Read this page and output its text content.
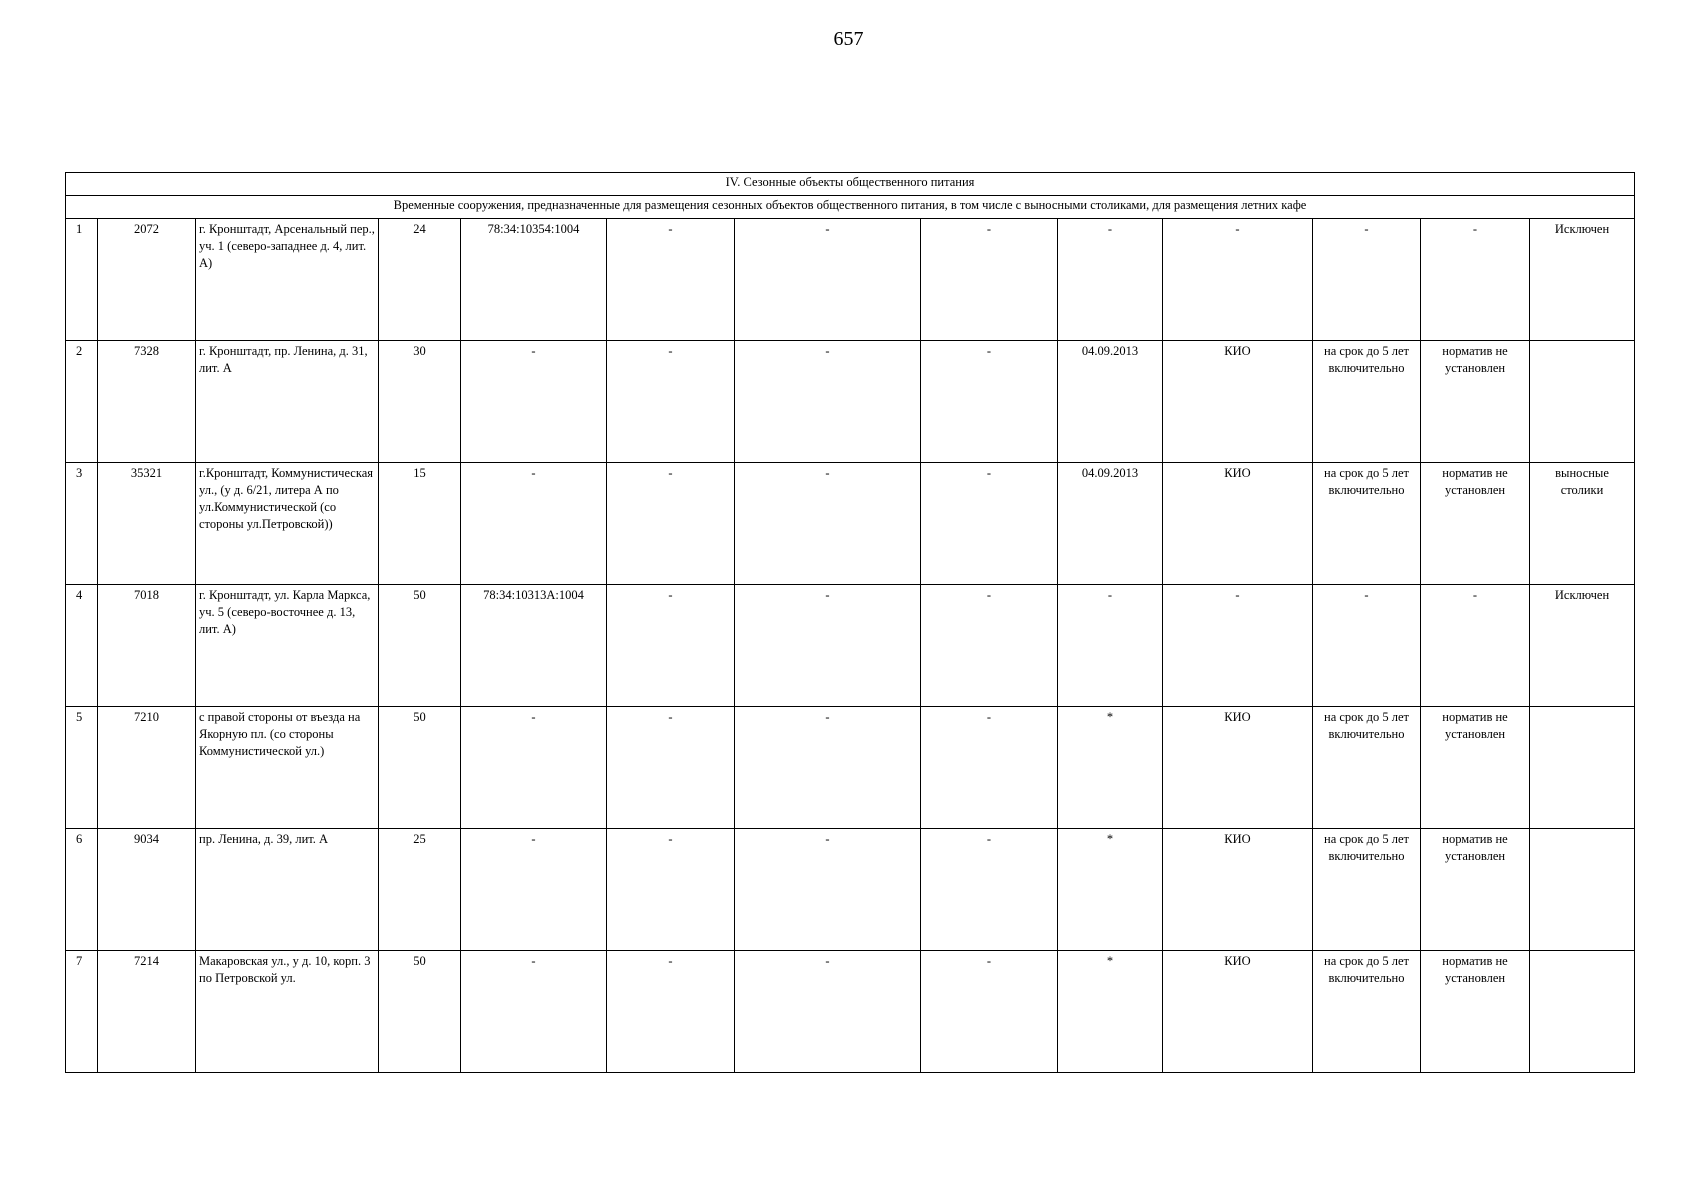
657
IV. Сезонные объекты общественного питания												
Временные сооружения, предназначенные для размещения сезонных объектов общественного питания, в том числе с выносными столиками, для размещения летних кафе												
1	2072	г. Кронштадт, Арсенальный пер., уч. 1 (северо-западнее д. 4, лит. А)	24	78:34:10354:1004	-	-	-	-	-	-	-	Исключен
2	7328	г. Кронштадт, пр. Ленина, д. 31, лит. А	30	-	-	-	-	04.09.2013	КИО	на срок до 5 лет включительно	норматив не установлен	
3	35321	г.Кронштадт, Коммунистическая ул., (у д. 6/21, литера А по ул.Коммунистической (со стороны ул.Петровской))	15	-	-	-	-	04.09.2013	КИО	на срок до 5 лет включительно	норматив не установлен	выносные столики
4	7018	г. Кронштадт, ул. Карла Маркса, уч. 5 (северо-восточнее д. 13, лит. А)	50	78:34:10313А:1004	-	-	-	-	-	-	-	Исключен
5	7210	с правой стороны от въезда на Якорную пл. (со стороны Коммунистической ул.)	50	-	-	-	-	*	КИО	на срок до 5 лет включительно	норматив не установлен	
6	9034	пр. Ленина, д. 39, лит. А	25	-	-	-	-	*	КИО	на срок до 5 лет включительно	норматив не установлен	
7	7214	Макаровская ул., у д. 10, корп. 3 по Петровской ул.	50	-	-	-	-	*	КИО	на срок до 5 лет включительно	норматив не установлен	
